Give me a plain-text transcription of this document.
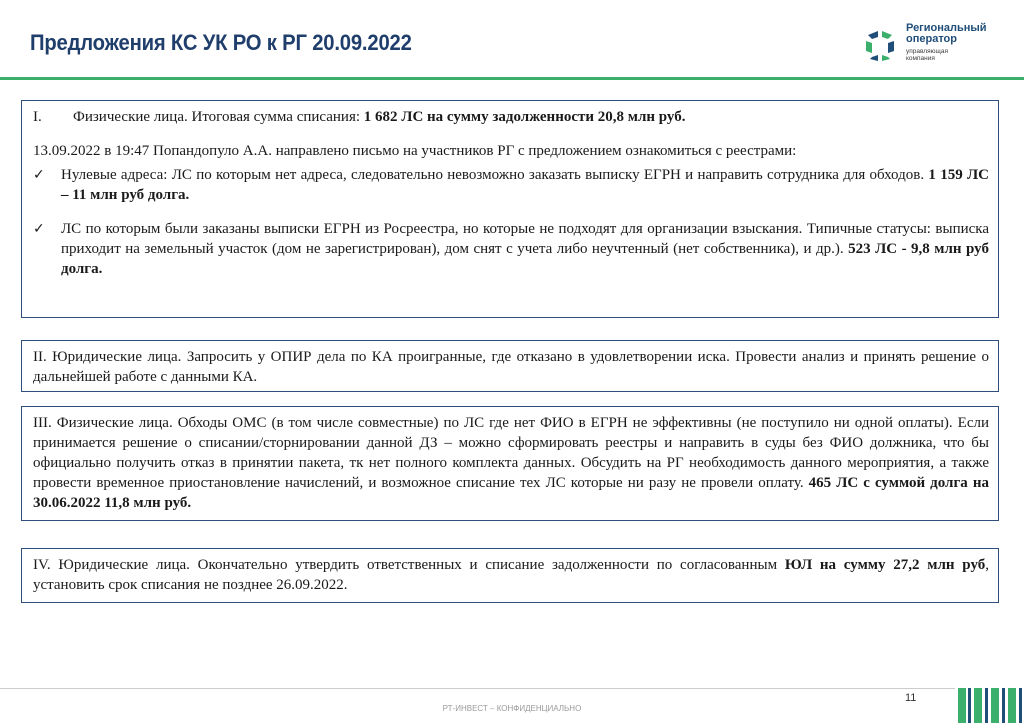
Предложения КС УК РО к РГ 20.09.2022
Региональный
оператор
управляющая
компания
I.	Физические лица. Итоговая сумма списания: 1 682 ЛС на сумму задолженности 20,8 млн руб.

13.09.2022 в 19:47 Попандопуло А.А. направлено письмо на участников РГ с предложением ознакомиться с реестрами:

✓	Нулевые адреса: ЛС по которым нет адреса, следовательно невозможно заказать выписку ЕГРН и направить сотрудника для обходов. 1 159 ЛС – 11 млн руб долга.
✓	ЛС по которым были заказаны выписки ЕГРН из Росреестра, но которые не подходят для организации взыскания. Типичные статусы: выписка приходит на земельный участок (дом не зарегистрирован), дом снят с учета либо неучтенный (нет собственника), и др.). 523 ЛС - 9,8 млн руб долга.

II. Юридические лица. Запросить у ОПИР дела по КА проигранные, где отказано в удовлетворении иска. Провести анализ и принять решение о дальнейшей работе с данными КА.

III. Физические лица. Обходы ОМС (в том числе совместные) по ЛС где нет ФИО в ЕГРН не эффективны (не поступило ни одной оплаты). Если принимается решение о списании/сторнировании данной ДЗ – можно сформировать реестры и направить в суды без ФИО должника, что бы официально получить отказ в принятии пакета, тк нет полного комплекта данных. Обсудить на РГ необходимость данного мероприятия, а также провести временное приостановление начислений, и возможное списание тех ЛС которые ни разу не провели оплату. 465 ЛС с суммой долга на 30.06.2022 11,8 млн руб.

IV. Юридические лица. Окончательно утвердить ответственных и списание задолженности по согласованным ЮЛ на сумму 27,2 млн руб, установить срок списания не позднее 26.09.2022.

РТ-ИНВЕСТ – КОНФИДЕНЦИАЛЬНО
11
